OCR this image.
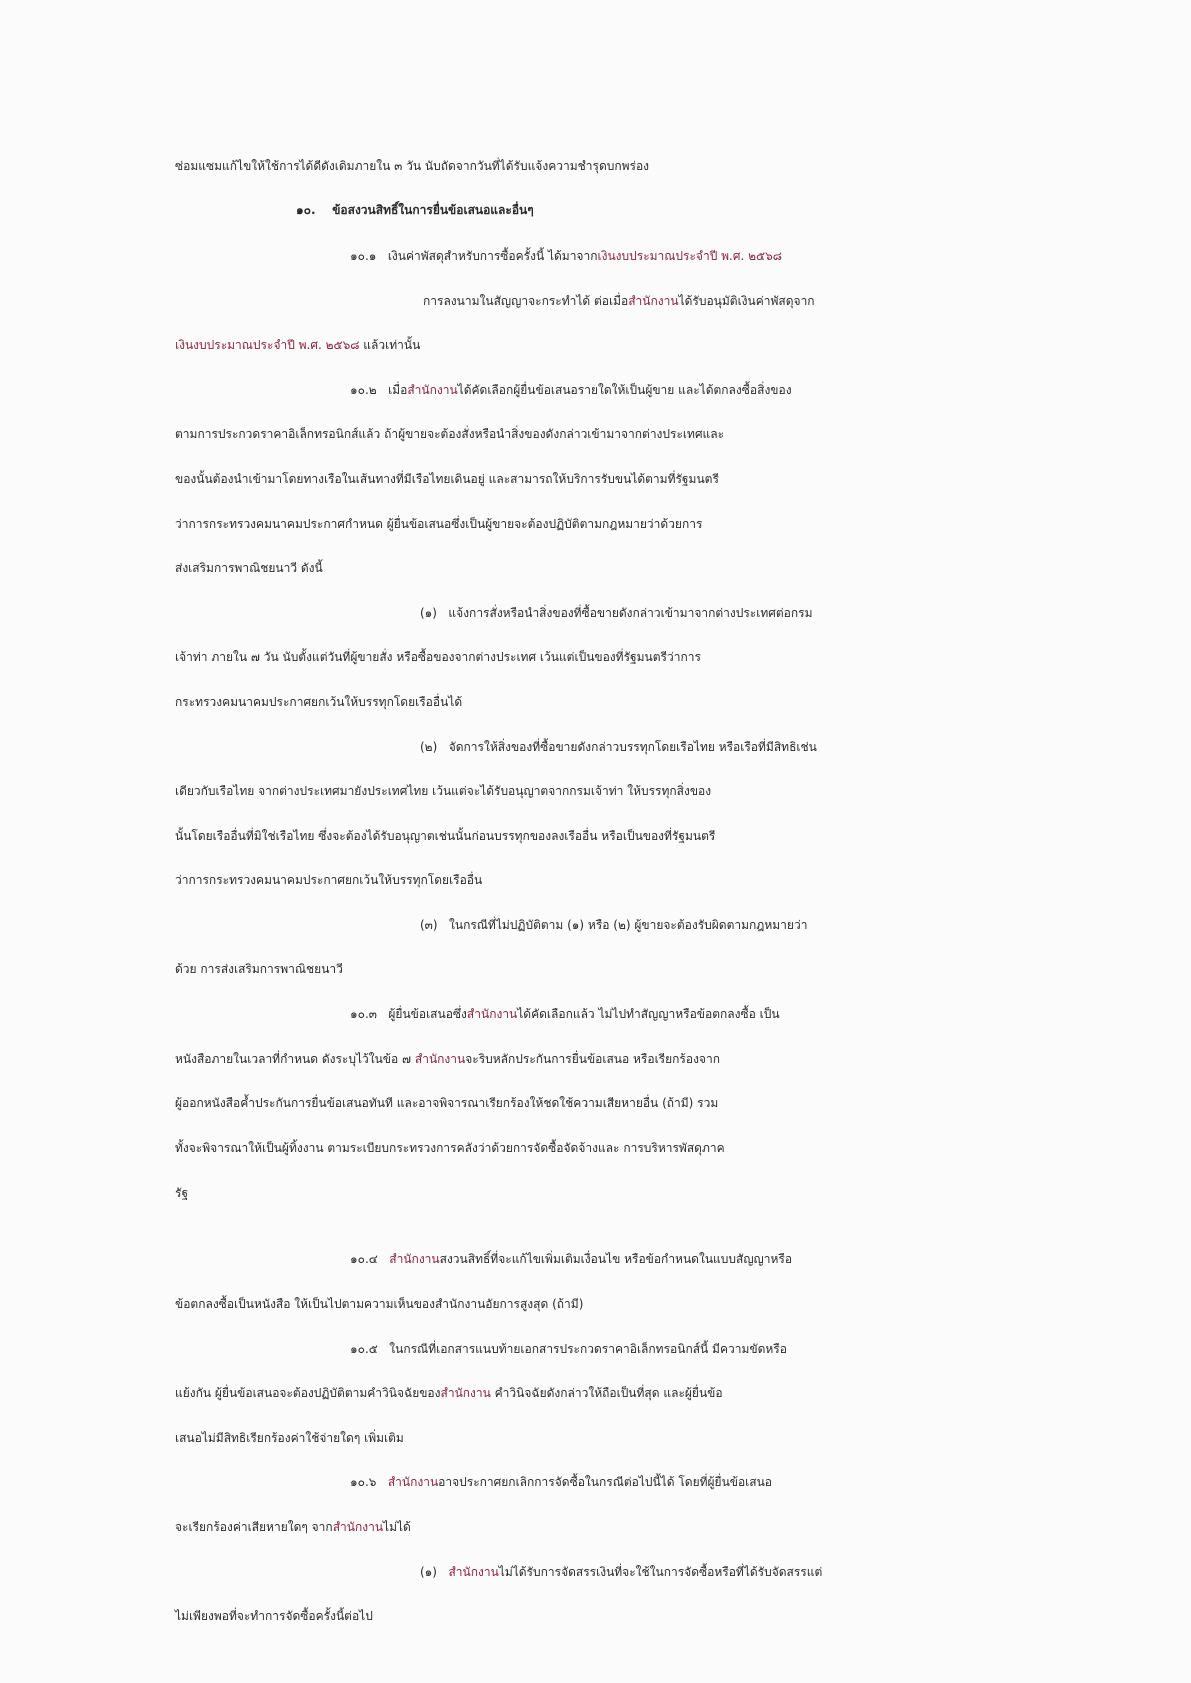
ซ่อมแซมแก้ไขให้ใช้การได้ดีดังเดิมภายใน ๓ วัน นับถัดจากวันที่ได้รับแจ้งความชำรุดบกพร่อง

๑๐.    ข้อสงวนสิทธิ์ในการยื่นข้อเสนอและอื่นๆ

๑๐.๑   เงินค่าพัสดุสำหรับการซื้อครั้งนี้ ได้มาจากเงินงบประมาณประจำปี พ.ศ. ๒๕๖๘

การลงนามในสัญญาจะกระทำได้ ต่อเมื่อสำนักงานได้รับอนุมัติเงินค่าพัสดุจาก

เงินงบประมาณประจำปี พ.ศ. ๒๕๖๘ แล้วเท่านั้น

๑๐.๒   เมื่อสำนักงานได้คัดเลือกผู้ยื่นข้อเสนอรายใดให้เป็นผู้ขาย และได้ตกลงซื้อสิ่งของ

ตามการประกวดราคาอิเล็กทรอนิกส์แล้ว ถ้าผู้ขายจะต้องสั่งหรือนำสิ่งของดังกล่าวเข้ามาจากต่างประเทศและ

ของนั้นต้องนำเข้ามาโดยทางเรือในเส้นทางที่มีเรือไทยเดินอยู่ และสามารถให้บริการรับขนได้ตามที่รัฐมนตรี

ว่าการกระทรวงคมนาคมประกาศกำหนด ผู้ยื่นข้อเสนอซึ่งเป็นผู้ขายจะต้องปฏิบัติตามกฎหมายว่าด้วยการ

ส่งเสริมการพาณิชยนาวี ดังนี้

(๑)   แจ้งการสั่งหรือนำสิ่งของที่ซื้อขายดังกล่าวเข้ามาจากต่างประเทศต่อกรม

เจ้าท่า ภายใน ๗ วัน นับตั้งแต่วันที่ผู้ขายสั่ง หรือซื้อของจากต่างประเทศ เว้นแต่เป็นของที่รัฐมนตรีว่าการ

กระทรวงคมนาคมประกาศยกเว้นให้บรรทุกโดยเรืออื่นได้

(๒)   จัดการให้สิ่งของที่ซื้อขายดังกล่าวบรรทุกโดยเรือไทย หรือเรือที่มีสิทธิเช่น

เดียวกับเรือไทย จากต่างประเทศมายังประเทศไทย เว้นแต่จะได้รับอนุญาตจากกรมเจ้าท่า ให้บรรทุกสิ่งของ

นั้นโดยเรืออื่นที่มิใช่เรือไทย ซึ่งจะต้องได้รับอนุญาตเช่นนั้นก่อนบรรทุกของลงเรืออื่น หรือเป็นของที่รัฐมนตรี

ว่าการกระทรวงคมนาคมประกาศยกเว้นให้บรรทุกโดยเรืออื่น

(๓)   ในกรณีที่ไม่ปฏิบัติตาม (๑) หรือ (๒) ผู้ขายจะต้องรับผิดตามกฎหมายว่า

ด้วย การส่งเสริมการพาณิชยนาวี

๑๐.๓   ผู้ยื่นข้อเสนอซึ่งสำนักงานได้คัดเลือกแล้ว ไม่ไปทำสัญญาหรือข้อตกลงซื้อ เป็น

หนังสือภายในเวลาที่กำหนด ดังระบุไว้ในข้อ ๗ สำนักงานจะริบหลักประกันการยื่นข้อเสนอ หรือเรียกร้องจาก

ผู้ออกหนังสือค้ำประกันการยื่นข้อเสนอทันที และอาจพิจารณาเรียกร้องให้ชดใช้ความเสียหายอื่น (ถ้ามี) รวม

ทั้งจะพิจารณาให้เป็นผู้ทิ้งงาน ตามระเบียบกระทรวงการคลังว่าด้วยการจัดซื้อจัดจ้างและ การบริหารพัสดุภาค

รัฐ

๑๐.๔   สำนักงานสงวนสิทธิ์ที่จะแก้ไขเพิ่มเติมเงื่อนไข หรือข้อกำหนดในแบบสัญญาหรือ

ข้อตกลงซื้อเป็นหนังสือ ให้เป็นไปตามความเห็นของสำนักงานอัยการสูงสุด (ถ้ามี)

๑๐.๕   ในกรณีที่เอกสารแนบท้ายเอกสารประกวดราคาอิเล็กทรอนิกส์นี้ มีความขัดหรือ

แย้งกัน ผู้ยื่นข้อเสนอจะต้องปฏิบัติตามคำวินิจฉัยของสำนักงาน คำวินิจฉัยดังกล่าวให้ถือเป็นที่สุด และผู้ยื่นข้อ

เสนอไม่มีสิทธิเรียกร้องค่าใช้จ่ายใดๆ เพิ่มเติม

๑๐.๖   สำนักงานอาจประกาศยกเลิกการจัดซื้อในกรณีต่อไปนี้ได้ โดยที่ผู้ยื่นข้อเสนอ

จะเรียกร้องค่าเสียหายใดๆ จากสำนักงานไม่ได้

(๑)   สำนักงานไม่ได้รับการจัดสรรเงินที่จะใช้ในการจัดซื้อหรือที่ได้รับจัดสรรแต่

ไม่เพียงพอที่จะทำการจัดซื้อครั้งนี้ต่อไป
